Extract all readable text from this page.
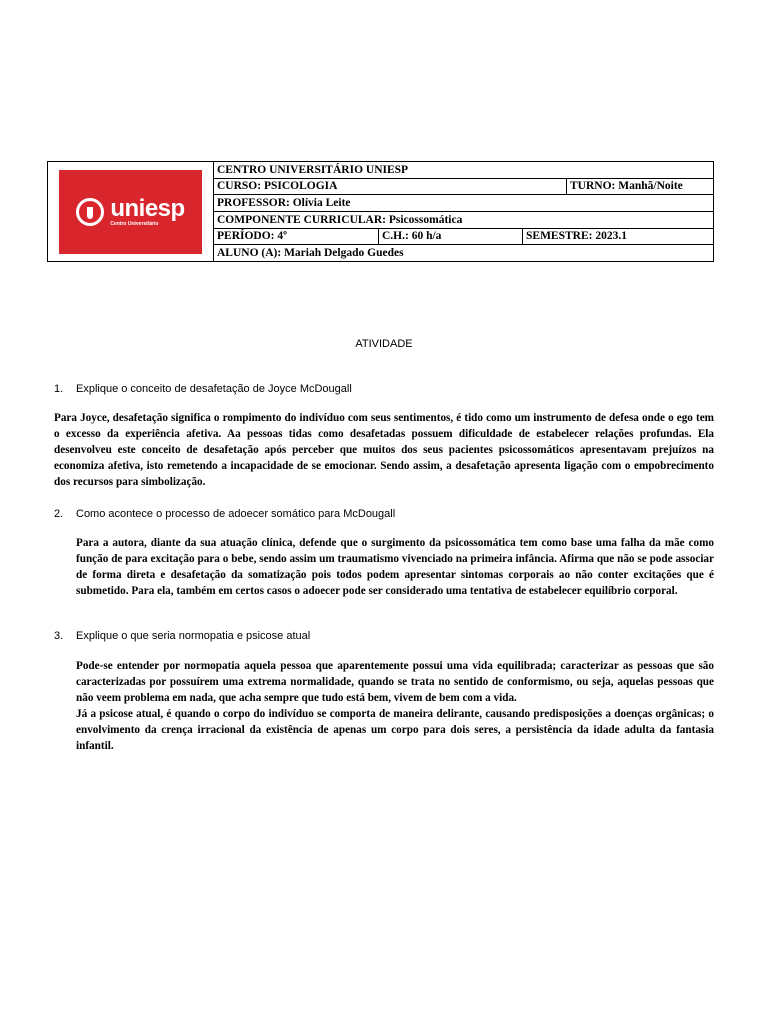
uniesp
Centro Universitário	CENTRO UNIVERSITÁRIO UNIESP			
	CURSO: PSICOLOGIA			TURNO: Manhã/Noite
	PROFESSOR: Olívia Leite			
	COMPONENTE CURRICULAR: Psicossomática			
	PERÍODO: 4º	C.H.: 60 h/a	SEMESTRE: 2023.1	
	ALUNO (A): Mariah Delgado Guedes			
ATIVIDADE
1. Explique o conceito de desafetação de Joyce McDougall

Para Joyce, desafetação significa o rompimento do indivíduo com seus sentimentos, é tido como um instrumento de defesa onde o ego tem o excesso da experiência afetiva. Aa pessoas tidas como desafetadas possuem dificuldade de estabelecer relações profundas. Ela desenvolveu este conceito de desafetação após perceber que muitos dos seus pacientes psicossomáticos apresentavam prejuízos na economiza afetiva, isto remetendo a incapacidade de se emocionar. Sendo assim, a desafetação apresenta ligação com o empobrecimento dos recursos para simbolização.

2. Como acontece o processo de adoecer somático para McDougall

Para a autora, diante da sua atuação clínica, defende que o surgimento da psicossomática tem como base uma falha da mãe como função de para excitação para o bebe, sendo assim um traumatismo vivenciado na primeira infância. Afirma que não se pode associar de forma direta e desafetação da somatização pois todos podem apresentar sintomas corporais ao não conter excitações que é submetido. Para ela, também em certos casos o adoecer pode ser considerado uma tentativa de estabelecer equilíbrio corporal.

3. Explique o que seria normopatia e psicose atual

Pode-se entender por normopatia aquela pessoa que aparentemente possui uma vida equilibrada; caracterizar as pessoas que são caracterizadas por possuírem uma extrema normalidade, quando se trata no sentido de conformismo, ou seja, aquelas pessoas que não veem problema em nada, que acha sempre que tudo está bem, vivem de bem com a vida.

Já a psicose atual, é quando o corpo do indivíduo se comporta de maneira delirante, causando predisposições a doenças orgânicas; o envolvimento da crença irracional da existência de apenas um corpo para dois seres, a persistência da idade adulta da fantasia infantil.
